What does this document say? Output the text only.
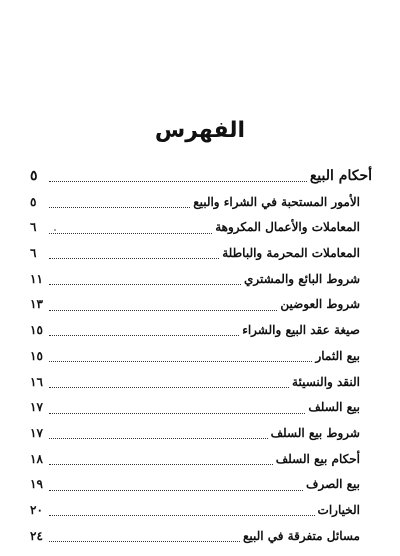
الفهرس
أحكام البيع
٥
الأمور المستحبة في الشراء والبيع
٥
المعاملات والأعمال المكروهة
٦
المعاملات المحرمة والباطلة
٦
شروط البائع والمشتري
١١
شروط العوضين
١٣
صيغة عقد البيع والشراء
١٥
بيع الثمار
١٥
النقد والنسيئة
١٦
بيع السلف
١٧
شروط بيع السلف
١٧
أحكام بيع السلف
١٨
بيع الصرف
١٩
الخيارات
٢٠
مسائل متفرقة في البيع
٢٤
